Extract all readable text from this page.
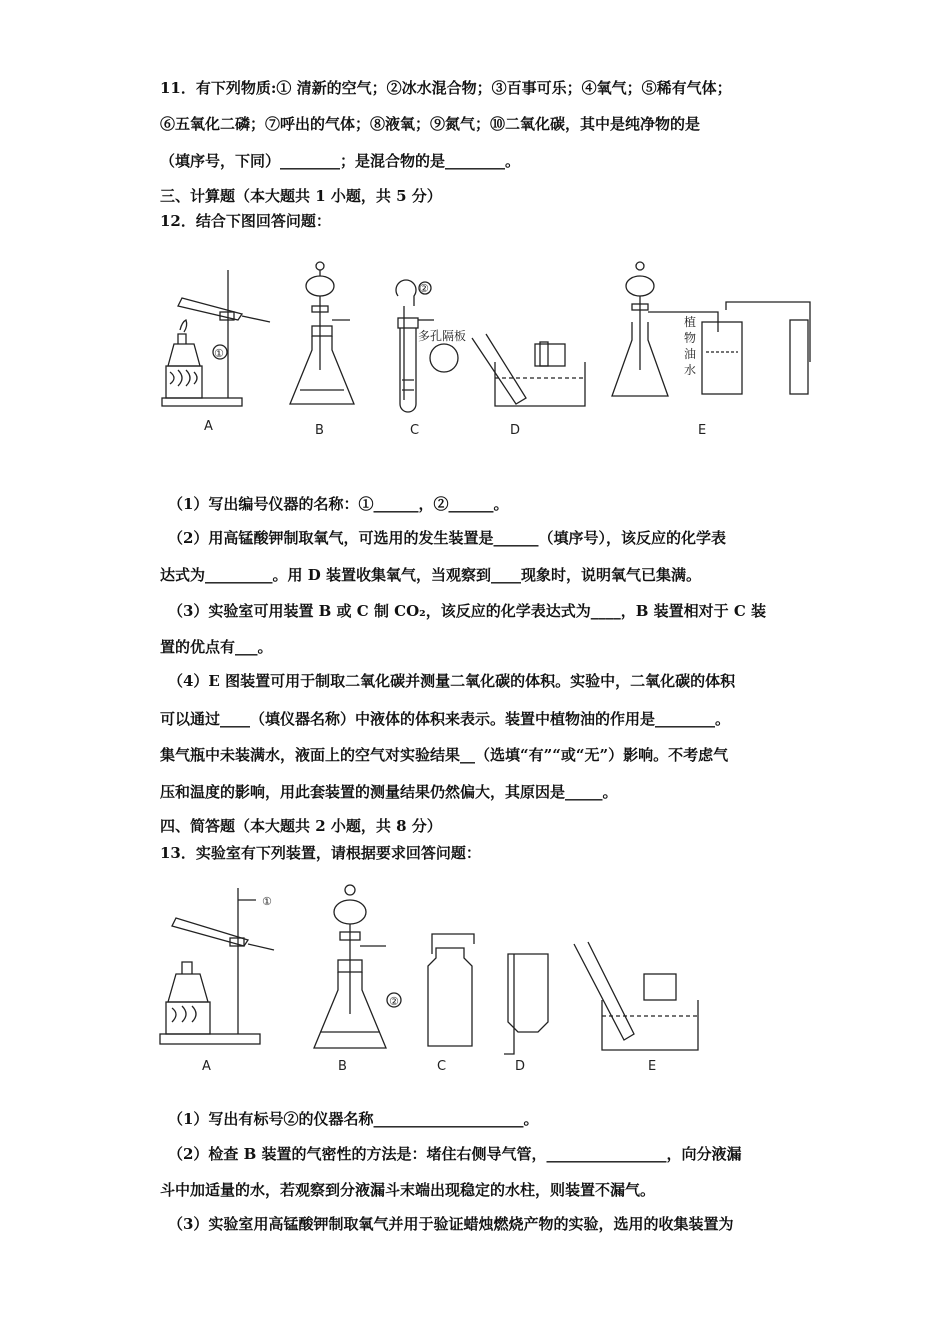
11．有下列物质:① 清新的空气；②冰水混合物；③百事可乐；④氧气；⑤稀有气体；
⑥五氧化二磷；⑦呼出的气体；⑧液氧；⑨氮气；⑩二氧化碳，其中是纯净物的是
（填序号，下同）________；是混合物的是________。
三、计算题（本大题共 1 小题，共 5 分）
12．结合下图回答问题：
A	B	C	D	E
①
②
多孔隔板
植
物
油
水
（1）写出编号仪器的名称：①______，②______。
（2）用高锰酸钾制取氧气，可选用的发生装置是______（填序号），该反应的化学表
达式为_________。用 D 装置收集氧气，当观察到____现象时，说明氧气已集满。
（3）实验室可用装置 B 或 C 制 CO₂，该反应的化学表达式为____，B 装置相对于 C 装
置的优点有___。
（4）E 图装置可用于制取二氧化碳并测量二氧化碳的体积。实验中，二氧化碳的体积
可以通过____（填仪器名称）中液体的体积来表示。装置中植物油的作用是________。
集气瓶中未装满水，液面上的空气对实验结果__（选填“有”“或“无”）影响。不考虑气
压和温度的影响，用此套装置的测量结果仍然偏大，其原因是_____。
四、简答题（本大题共 2 小题，共 8 分）
13．实验室有下列装置，请根据要求回答问题：
A	B	C	D	E
①
②
（1）写出有标号②的仪器名称____________________。
（2）检查 B 装置的气密性的方法是：堵住右侧导气管，________________，向分液漏
斗中加适量的水，若观察到分液漏斗末端出现稳定的水柱，则装置不漏气。
（3）实验室用高锰酸钾制取氧气并用于验证蜡烛燃烧产物的实验，选用的收集装置为
